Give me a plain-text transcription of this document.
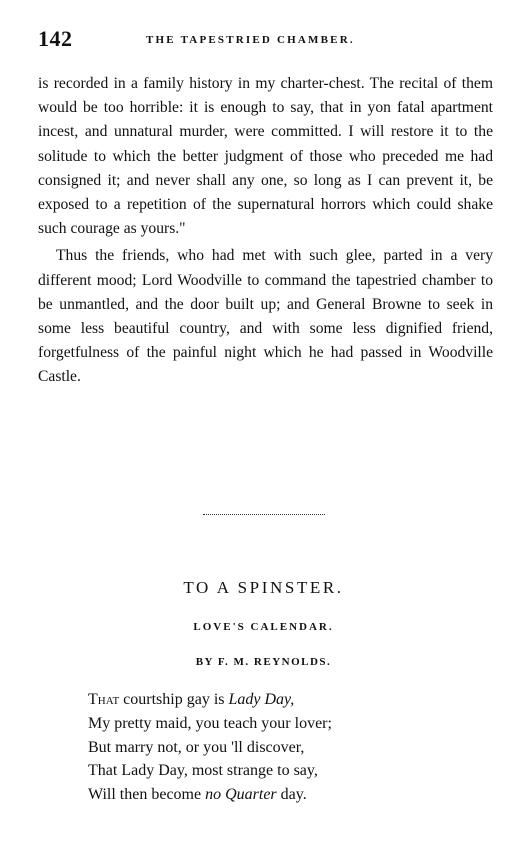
142	THE TAPESTRIED CHAMBER.

is recorded in a family history in my charter-chest. The recital of them would be too horrible: it is enough to say, that in yon fatal apartment incest, and unnatural murder, were committed. I will restore it to the solitude to which the better judgment of those who preceded me had consigned it; and never shall any one, so long as I can prevent it, be exposed to a repetition of the supernatural horrors which could shake such courage as yours."

Thus the friends, who had met with such glee, parted in a very different mood; Lord Woodville to command the tapestried chamber to be unmantled, and the door built up; and General Browne to seek in some less beautiful country, and with some less dignified friend, forgetfulness of the painful night which he had passed in Woodville Castle.

TO A SPINSTER.
LOVE'S CALENDAR.
BY F. M. REYNOLDS.
That courtship gay is Lady Day,
My pretty maid, you teach your lover;
But marry not, or you 'll discover,
That Lady Day, most strange to say,
Will then become no Quarter day.
